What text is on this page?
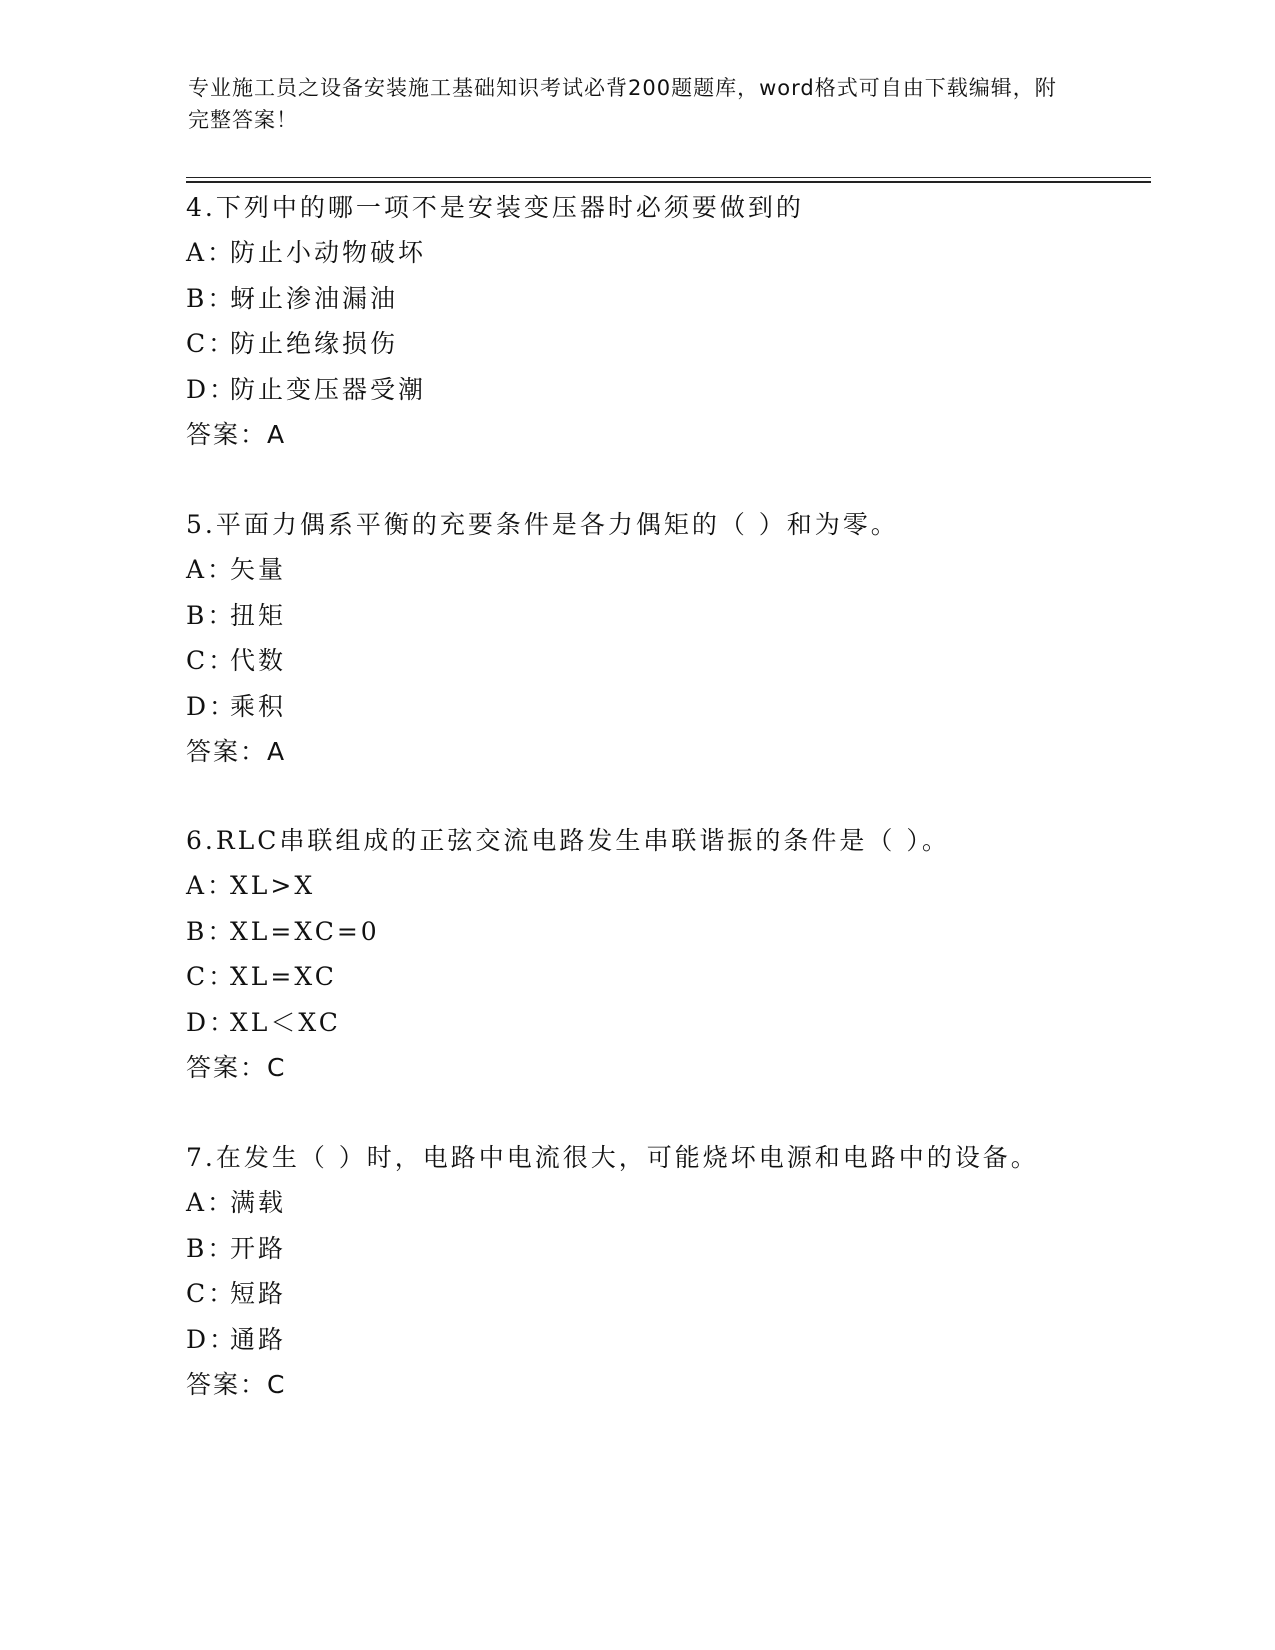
专业施工员之设备安装施工基础知识考试必背200题题库，word格式可自由下载编辑，附完整答案！
4.下列中的哪一项不是安装变压器时必须要做到的
A：防止小动物破坏
B：蚜止渗油漏油
C：防止绝缘损伤
D：防止变压器受潮
答案：A
5.平面力偶系平衡的充要条件是各力偶矩的（ ）和为零。
A：矢量
B：扭矩
C：代数
D：乘积
答案：A
6.RLC串联组成的正弦交流电路发生串联谐振的条件是（ ）。
A：XL>X
B：XL=XC=0
C：XL=XC
D：XL＜XC
答案：C
7.在发生（ ）时，电路中电流很大，可能烧坏电源和电路中的设备。
A：满载
B：开路
C：短路
D：通路
答案：C
